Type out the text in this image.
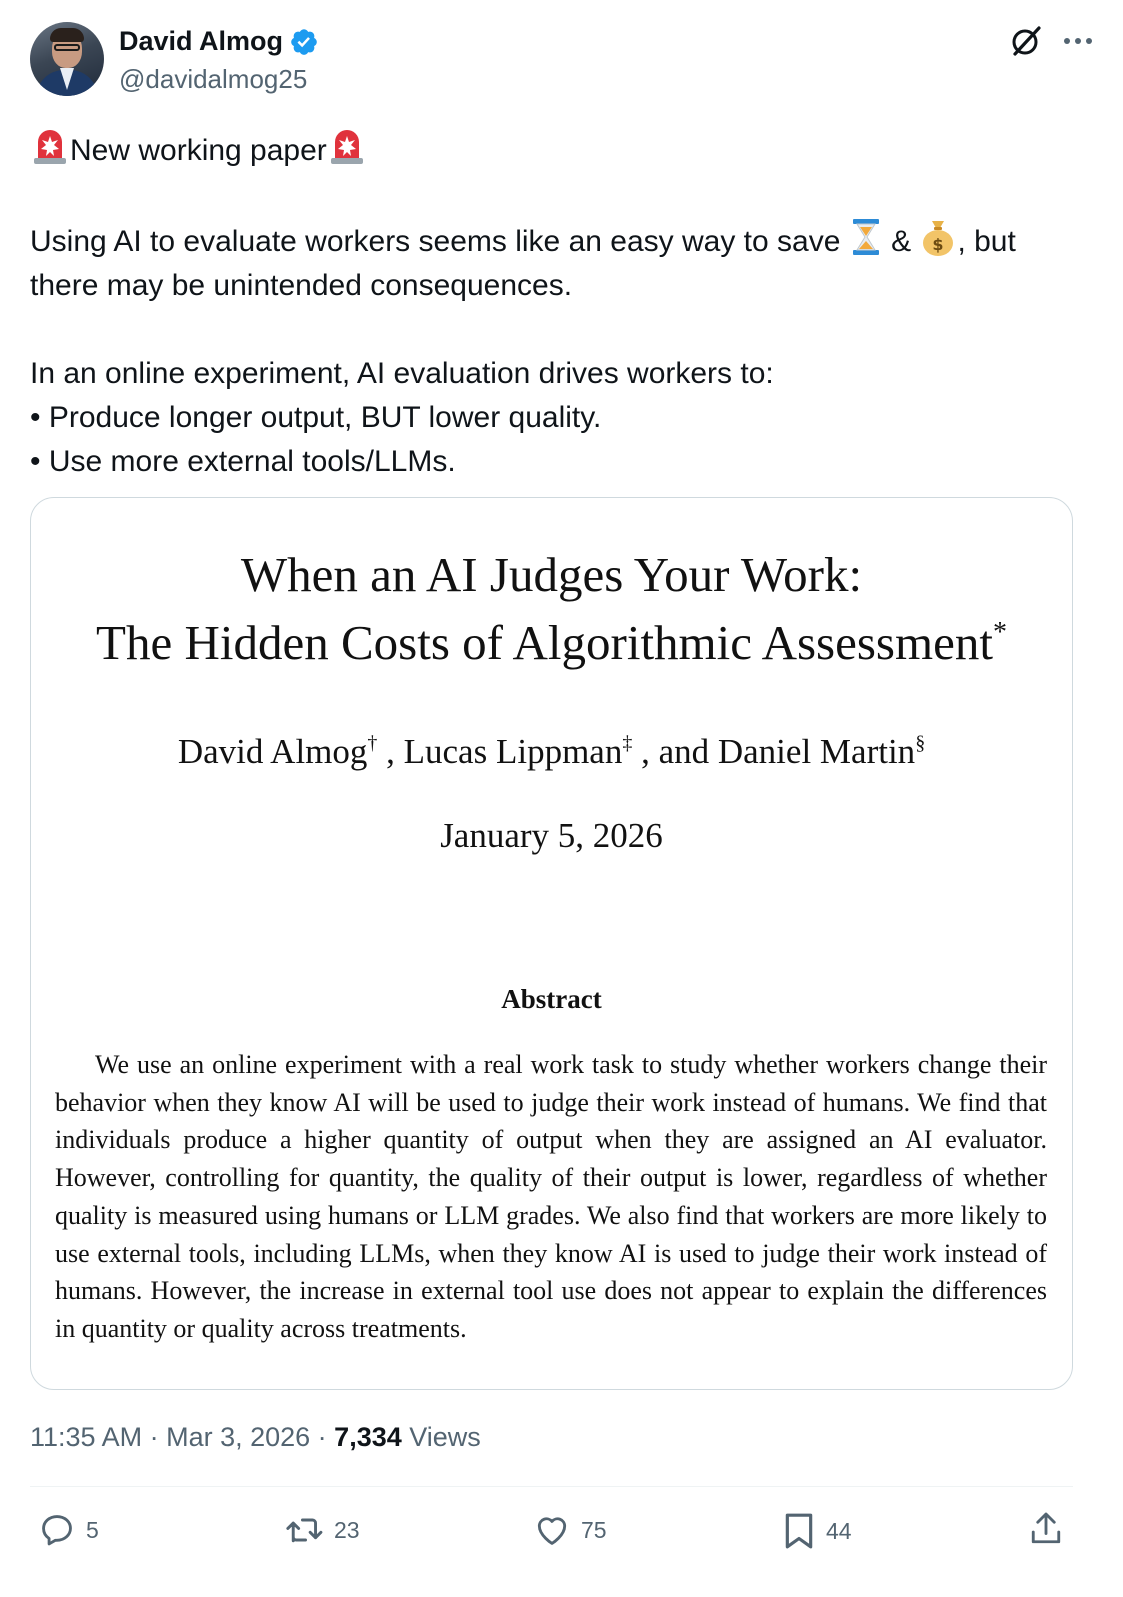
David Almog
@davidalmog25

New working paper

Using AI to evaluate workers seems like an easy way to save & $ , but

there may be unintended consequences.

In an online experiment, AI evaluation drives workers to:

• Produce longer output, BUT lower quality.

• Use more external tools/LLMs.

When an AI Judges Your Work:
The Hidden Costs of Algorithmic Assessment*
David Almog† , Lucas Lippman‡ , and Daniel Martin§
January 5, 2026
Abstract
We use an online experiment with a real work task to study whether workers change their behavior when they know AI will be used to judge their work instead of humans. We find that individuals produce a higher quantity of output when they are assigned an AI evaluator. However, controlling for quantity, the quality of their output is lower, regardless of whether quality is measured using humans or LLM grades. We also find that workers are more likely to use external tools, including LLMs, when they know AI is used to judge their work instead of humans. However, the increase in external tool use does not appear to explain the differences in quantity or quality across treatments.
11:35 AM · Mar 3, 2026 · 7,334 Views
5	23	75	44
